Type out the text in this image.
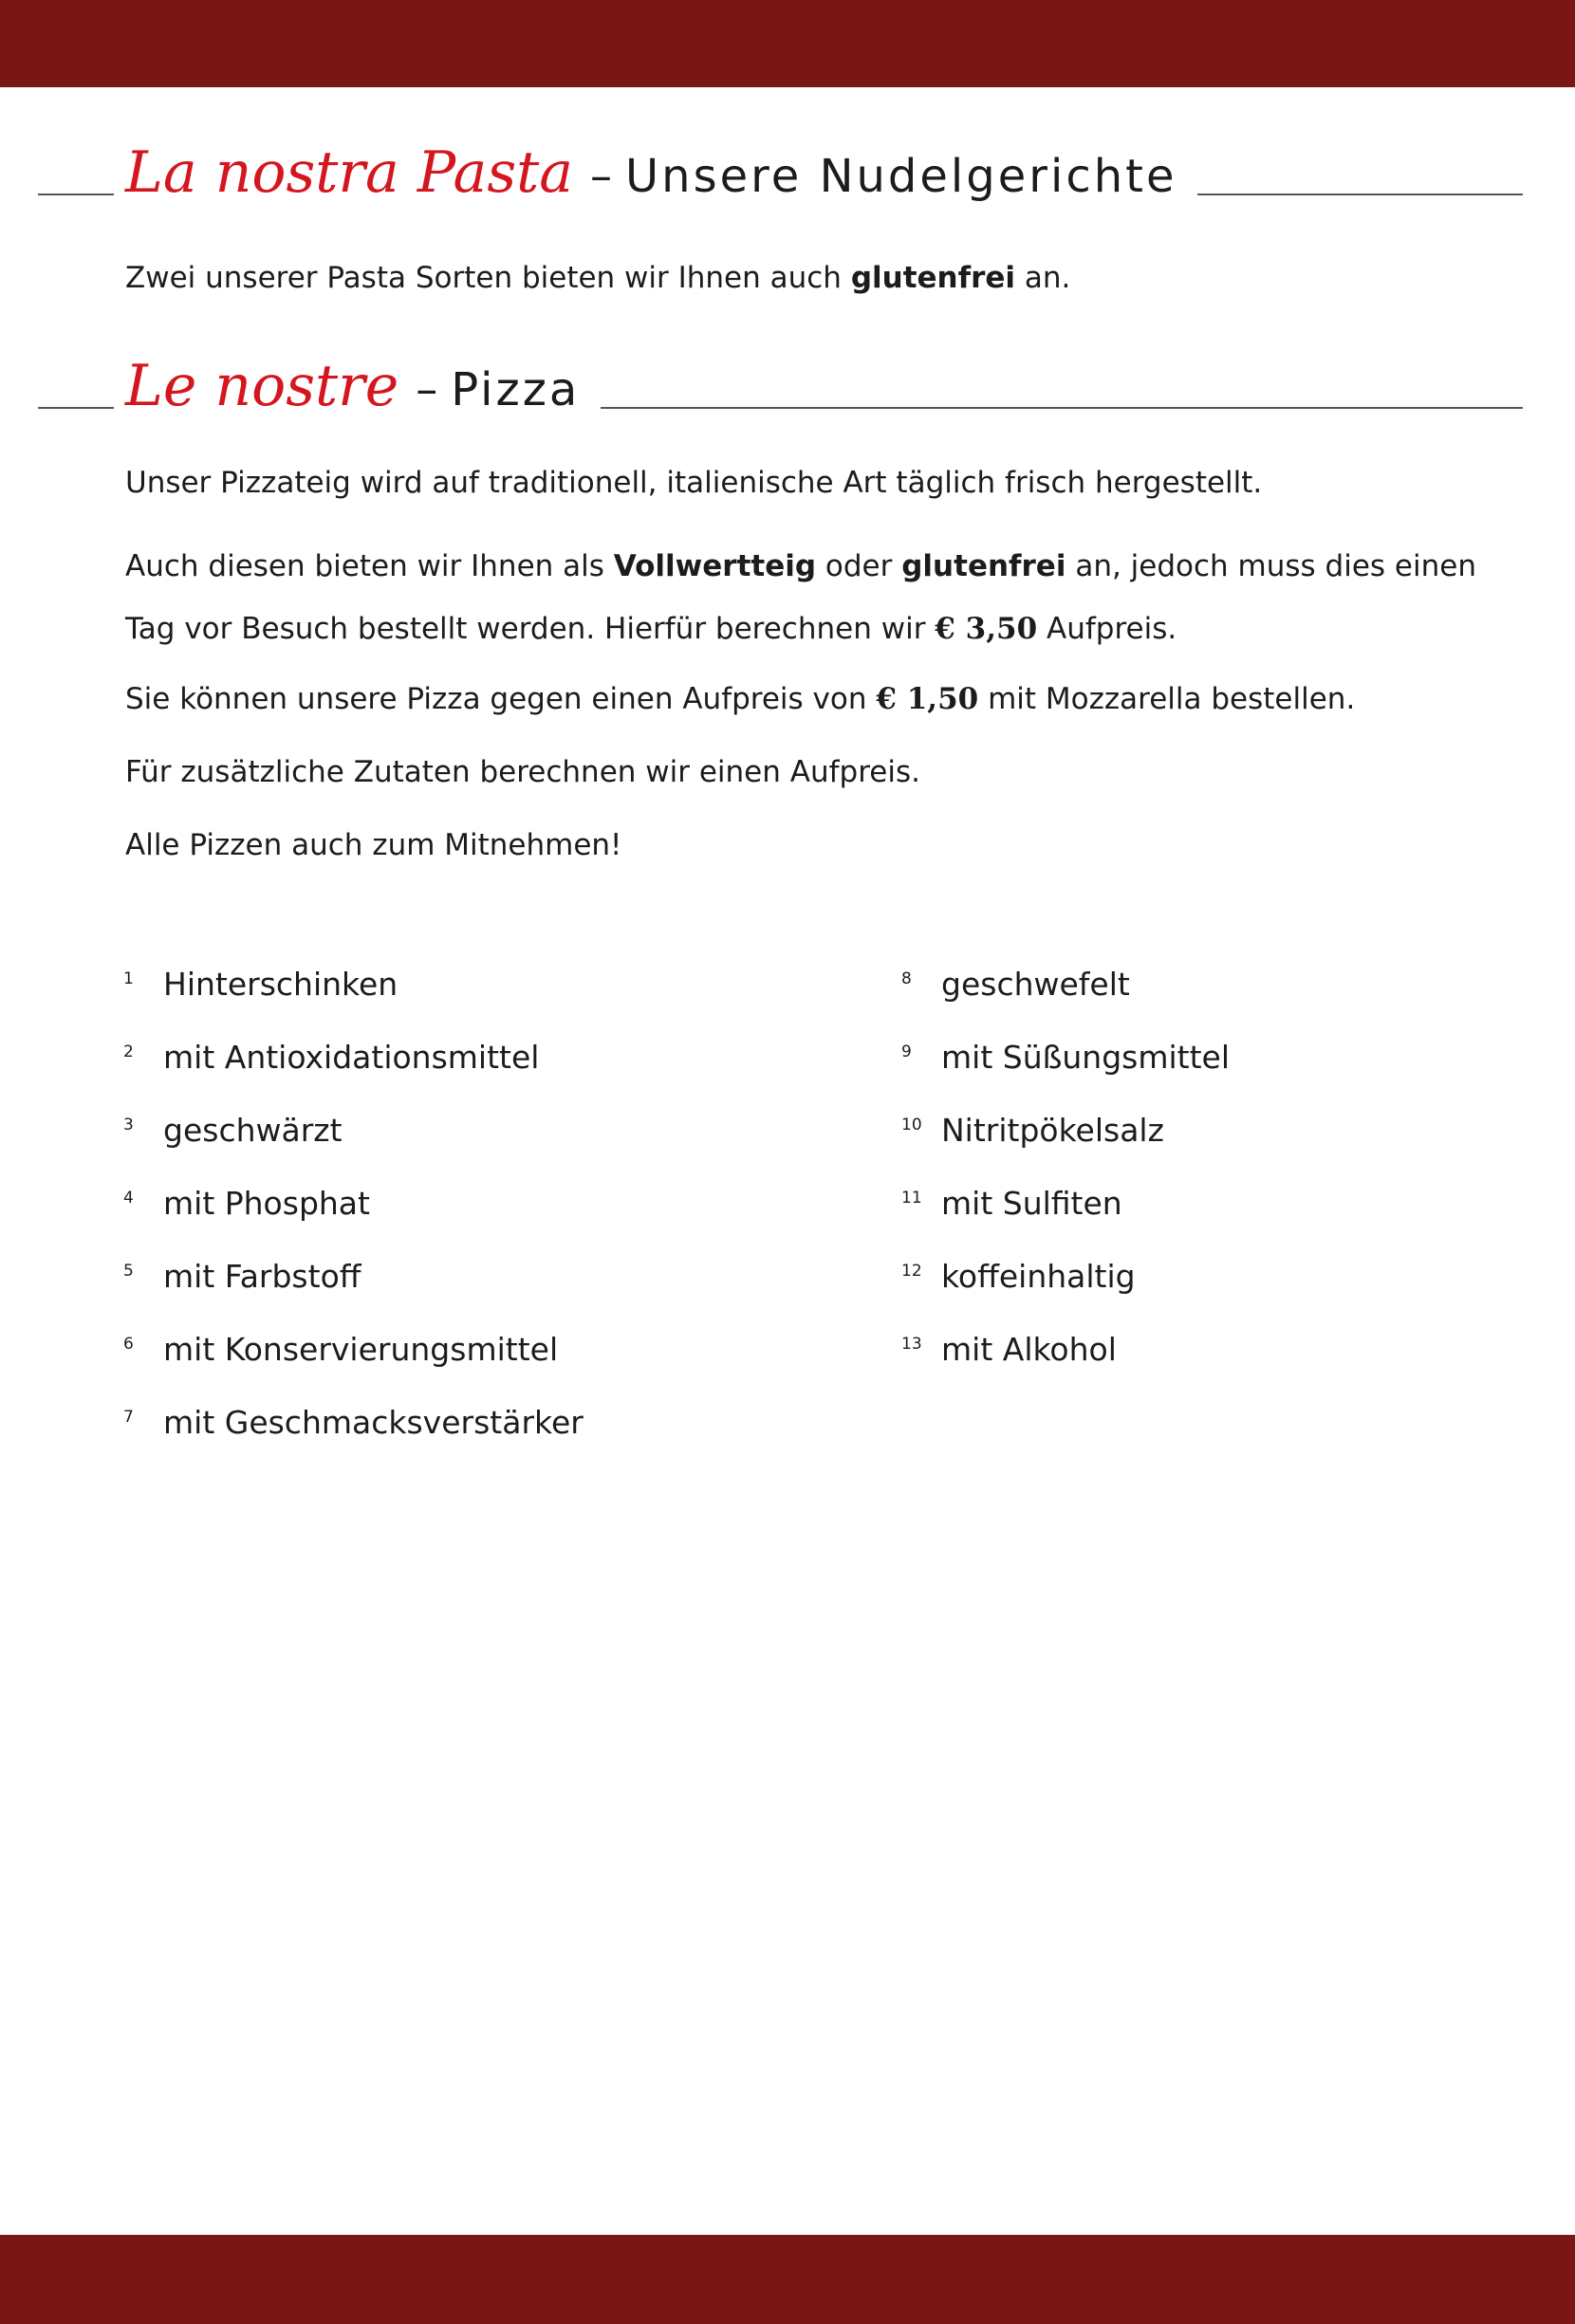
La nostra Pasta – Unsere Nudelgerichte
Zwei unserer Pasta Sorten bieten wir Ihnen auch glutenfrei an.
Le nostre – Pizza
Unser Pizzateig wird auf traditionell, italienische Art täglich frisch hergestellt.
Auch diesen bieten wir Ihnen als Vollwertteig oder glutenfrei an, jedoch muss dies einen Tag vor Besuch bestellt werden. Hierfür berechnen wir € 3,50 Aufpreis.
Sie können unsere Pizza gegen einen Aufpreis von € 1,50 mit Mozzarella bestellen.
Für zusätzliche Zutaten berechnen wir einen Aufpreis.
Alle Pizzen auch zum Mitnehmen!
1 Hinterschinken
2 mit Antioxidationsmittel
3 geschwärzt
4 mit Phosphat
5 mit Farbstoff
6 mit Konservierungsmittel
7 mit Geschmacksverstärker
8 geschwefelt
9 mit Süßungsmittel
10 Nitritpökelsalz
11 mit Sulfiten
12 koffeinhaltig
13 mit Alkohol
